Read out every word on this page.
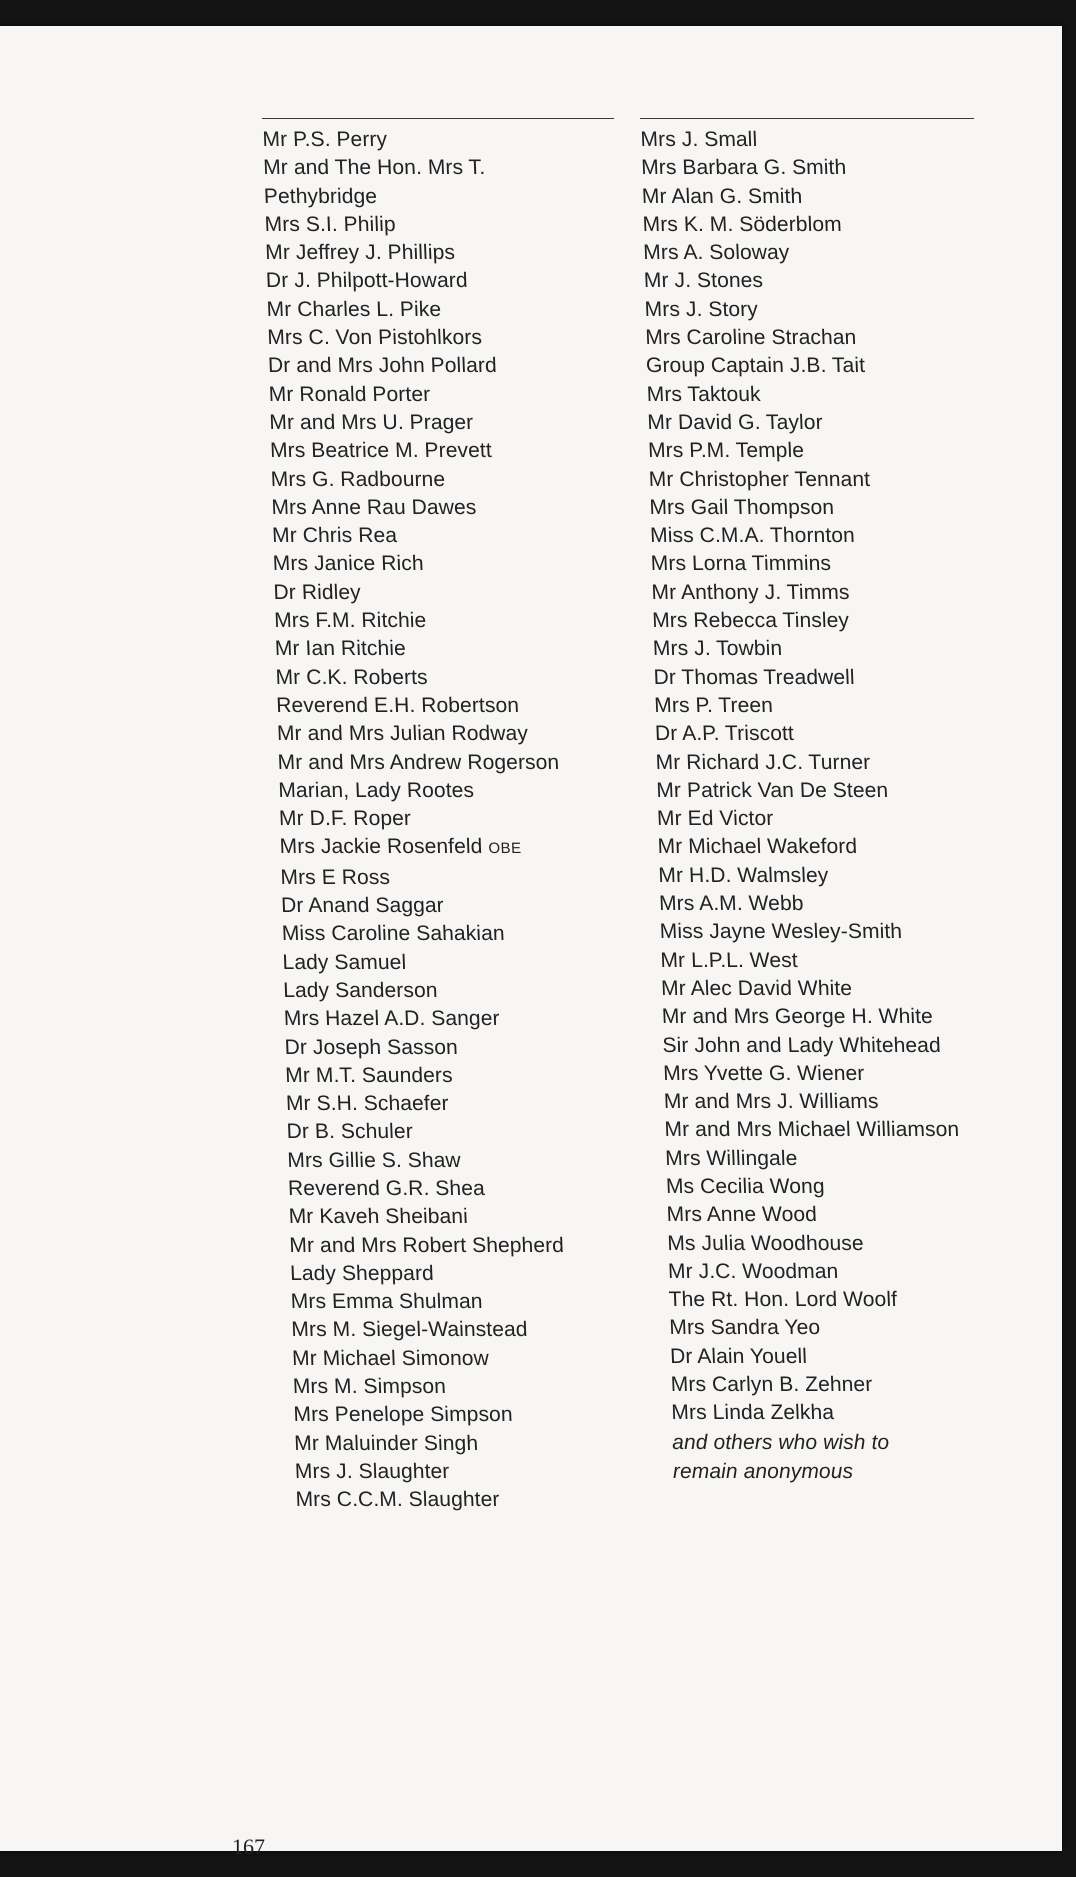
Mr P.S. Perry
Mr and The Hon. Mrs T.
Pethybridge
Mrs S.I. Philip
Mr Jeffrey J. Phillips
Dr J. Philpott-Howard
Mr Charles L. Pike
Mrs C. Von Pistohlkors
Dr and Mrs John Pollard
Mr Ronald Porter
Mr and Mrs U. Prager
Mrs Beatrice M. Prevett
Mrs G. Radbourne
Mrs Anne Rau Dawes
Mr Chris Rea
Mrs Janice Rich
Dr Ridley
Mrs F.M. Ritchie
Mr Ian Ritchie
Mr C.K. Roberts
Reverend E.H. Robertson
Mr and Mrs Julian Rodway
Mr and Mrs Andrew Rogerson
Marian, Lady Rootes
Mr D.F. Roper
Mrs Jackie Rosenfeld OBE
Mrs E Ross
Dr Anand Saggar
Miss Caroline Sahakian
Lady Samuel
Lady Sanderson
Mrs Hazel A.D. Sanger
Dr Joseph Sasson
Mr M.T. Saunders
Mr S.H. Schaefer
Dr B. Schuler
Mrs Gillie S. Shaw
Reverend G.R. Shea
Mr Kaveh Sheibani
Mr and Mrs Robert Shepherd
Lady Sheppard
Mrs Emma Shulman
Mrs M. Siegel-Wainstead
Mr Michael Simonow
Mrs M. Simpson
Mrs Penelope Simpson
Mr Maluinder Singh
Mrs J. Slaughter
Mrs C.C.M. Slaughter
Mrs J. Small
Mrs Barbara G. Smith
Mr Alan G. Smith
Mrs K. M. Söderblom
Mrs A. Soloway
Mr J. Stones
Mrs J. Story
Mrs Caroline Strachan
Group Captain J.B. Tait
Mrs Taktouk
Mr David G. Taylor
Mrs P.M. Temple
Mr Christopher Tennant
Mrs Gail Thompson
Miss C.M.A. Thornton
Mrs Lorna Timmins
Mr Anthony J. Timms
Mrs Rebecca Tinsley
Mrs J. Towbin
Dr Thomas Treadwell
Mrs P. Treen
Dr A.P. Triscott
Mr Richard J.C. Turner
Mr Patrick Van De Steen
Mr Ed Victor
Mr Michael Wakeford
Mr H.D. Walmsley
Mrs A.M. Webb
Miss Jayne Wesley-Smith
Mr L.P.L. West
Mr Alec David White
Mr and Mrs George H. White
Sir John and Lady Whitehead
Mrs Yvette G. Wiener
Mr and Mrs J. Williams
Mr and Mrs Michael Williamson
Mrs Willingale
Ms Cecilia Wong
Mrs Anne Wood
Ms Julia Woodhouse
Mr J.C. Woodman
The Rt. Hon. Lord Woolf
Mrs Sandra Yeo
Dr Alain Youell
Mrs Carlyn B. Zehner
Mrs Linda Zelkha
and others who wish to
remain anonymous
167
